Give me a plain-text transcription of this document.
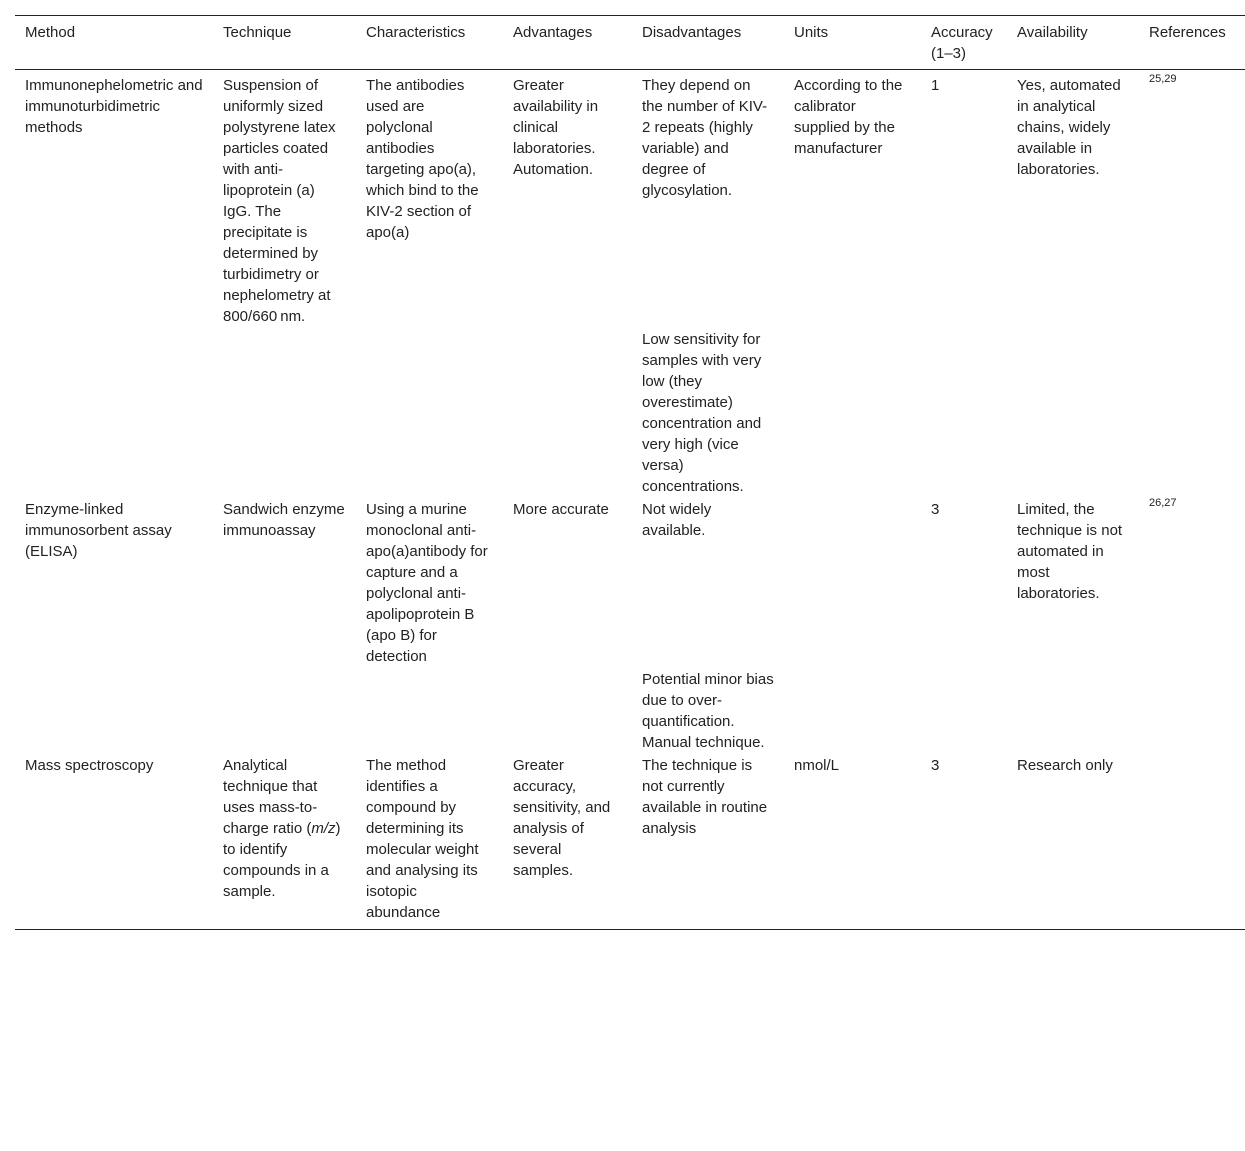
Method	Technique	Characteristics	Advantages	Disadvantages	Units	Accuracy (1–3)	Availability	References
Immunonephelometric and immunoturbidimetric methods	Suspension of uniformly sized polystyrene latex particles coated with anti-lipoprotein (a) IgG. The precipitate is determined by turbidimetry or nephelometry at 800/660 nm.	The antibodies used are polyclonal antibodies targeting apo(a), which bind to the KIV-2 section of apo(a)	Greater availability in clinical laboratories. Automation.	They depend on the number of KIV-2 repeats (highly variable) and degree of glycosylation.	According to the calibrator supplied by the manufacturer	1	Yes, automated in analytical chains, widely available in laboratories.	25,29
				Low sensitivity for samples with very low (they overestimate) concentration and very high (vice versa) concentrations.				
Enzyme-linked immunosorbent assay (ELISA)	Sandwich enzyme immunoassay	Using a murine monoclonal anti-apo(a)antibody for capture and a polyclonal anti-apolipoprotein B (apo B) for detection	More accurate	Not widely available.		3	Limited, the technique is not automated in most laboratories.	26,27
				Potential minor bias due to over-quantification. Manual technique.				
Mass spectroscopy	Analytical technique that uses mass-to-charge ratio (m/z) to identify compounds in a sample.	The method identifies a compound by determining its molecular weight and analysing its isotopic abundance	Greater accuracy, sensitivity, and analysis of several samples.	The technique is not currently available in routine analysis	nmol/L	3	Research only	
